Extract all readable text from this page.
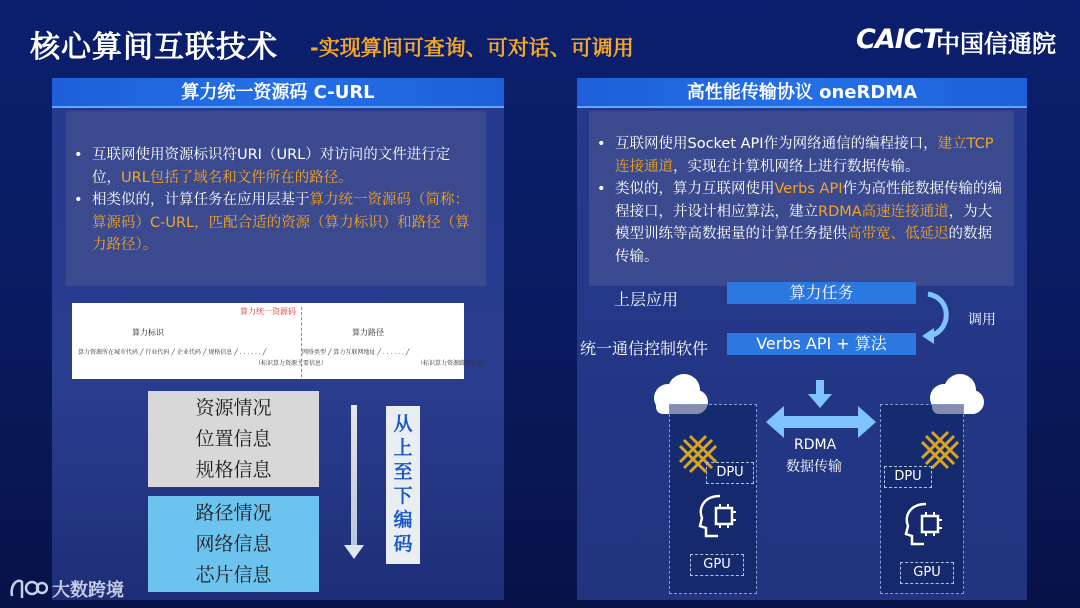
核心算间互联技术 -实现算间可查询、可对话、可调用	CAICT
中国信通院
算力统一资源码 C-URL
• 互联网使用资源标识符URI（URL）对访问的文件进行定位，URL包括了域名和文件所在的路径。
• 相类似的，计算任务在应用层基于算力统一资源码（简称：算源码）C-URL，匹配合适的资源（算力标识）和路径（算力路径）。
算力统一资源码
算力标识	算力路径
算力资源所在城市代码 ╱ 行业代码 ╱ 企业代码 ╱ 规格信息 ╱ . . . . . . ╱	网络类型 ╱ 算力互联网地址 ╱ . . . . . . ╱
（标识算力资源主要信息）	（标识算力资源路径信息）
资源情况
位置信息
规格信息
路径情况
网络信息
芯片信息
从上至下编码
高性能传输协议 oneRDMA
• 互联网使用Socket API作为网络通信的编程接口，建立TCP连接通道，实现在计算机网络上进行数据传输。
• 类似的，算力互联网使用Verbs API作为高性能数据传输的编程接口，并设计相应算法，建立RDMA高速连接通道，为大模型训练等高数据量的计算任务提供高带宽、低延迟的数据传输。
上层应用	算力任务
调用
统一通信控制软件	Verbs API + 算法
RDMA
数据传输
DPU
GPU
DPU
GPU
大数跨境
